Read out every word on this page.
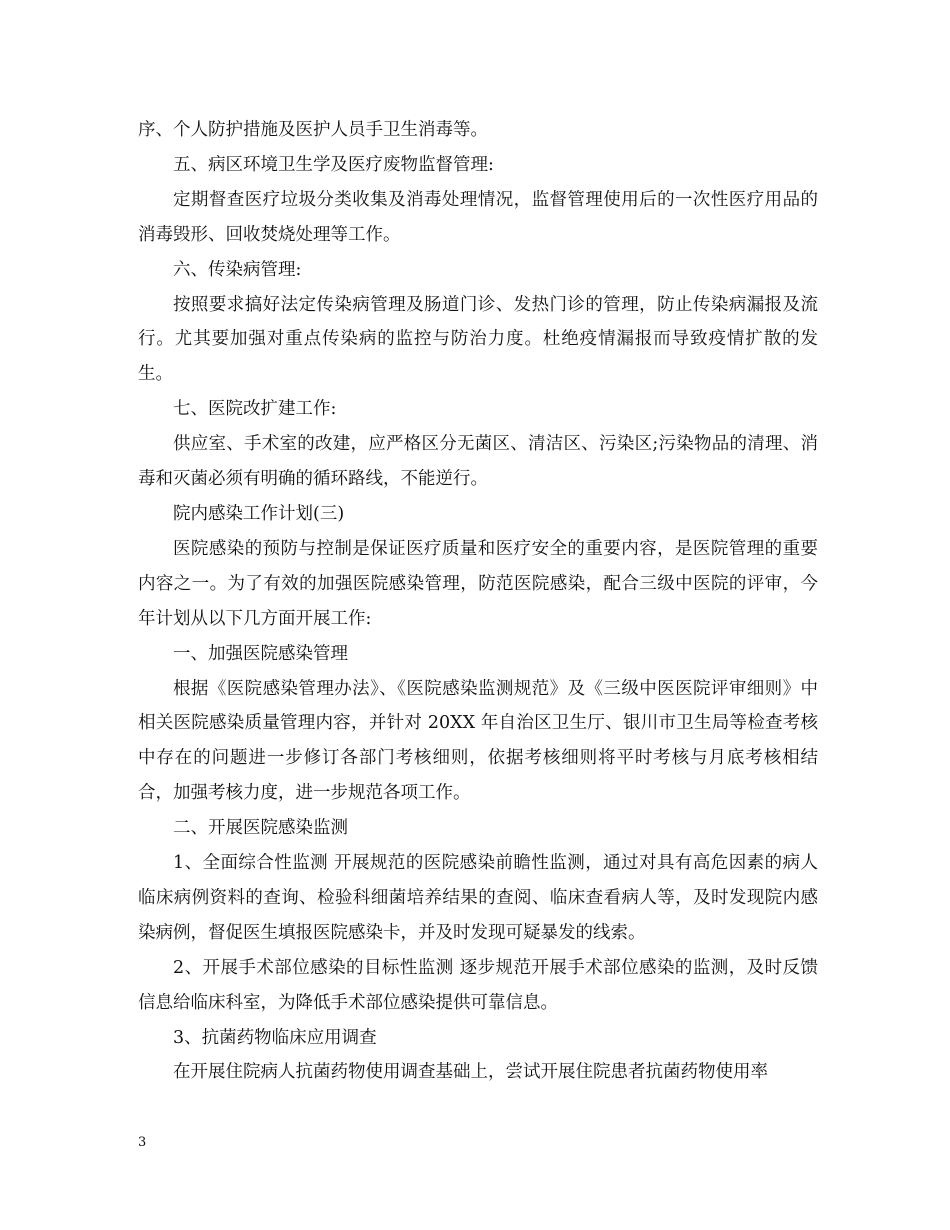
序、个人防护措施及医护人员手卫生消毒等。

五、病区环境卫生学及医疗废物监督管理:

定期督查医疗垃圾分类收集及消毒处理情况，监督管理使用后的一次性医疗用品的消毒毁形、回收焚烧处理等工作。

六、传染病管理:

按照要求搞好法定传染病管理及肠道门诊、发热门诊的管理，防止传染病漏报及流行。尤其要加强对重点传染病的监控与防治力度。杜绝疫情漏报而导致疫情扩散的发生。

七、医院改扩建工作:

供应室、手术室的改建，应严格区分无菌区、清洁区、污染区;污染物品的清理、消毒和灭菌必须有明确的循环路线，不能逆行。

院内感染工作计划(三)

医院感染的预防与控制是保证医疗质量和医疗安全的重要内容，是医院管理的重要内容之一。为了有效的加强医院感染管理，防范医院感染，配合三级中医院的评审，今年计划从以下几方面开展工作:

一、加强医院感染管理

根据《医院感染管理办法》、《医院感染监测规范》及《三级中医医院评审细则》中相关医院感染质量管理内容，并针对 20XX 年自治区卫生厅、银川市卫生局等检查考核中存在的问题进一步修订各部门考核细则，依据考核细则将平时考核与月底考核相结合，加强考核力度，进一步规范各项工作。

二、开展医院感染监测

1、全面综合性监测 开展规范的医院感染前瞻性监测，通过对具有高危因素的病人临床病例资料的查询、检验科细菌培养结果的查阅、临床查看病人等，及时发现院内感染病例，督促医生填报医院感染卡，并及时发现可疑暴发的线索。

2、开展手术部位感染的目标性监测 逐步规范开展手术部位感染的监测，及时反馈信息给临床科室，为降低手术部位感染提供可靠信息。

3、抗菌药物临床应用调查

在开展住院病人抗菌药物使用调查基础上，尝试开展住院患者抗菌药物使用率

3
